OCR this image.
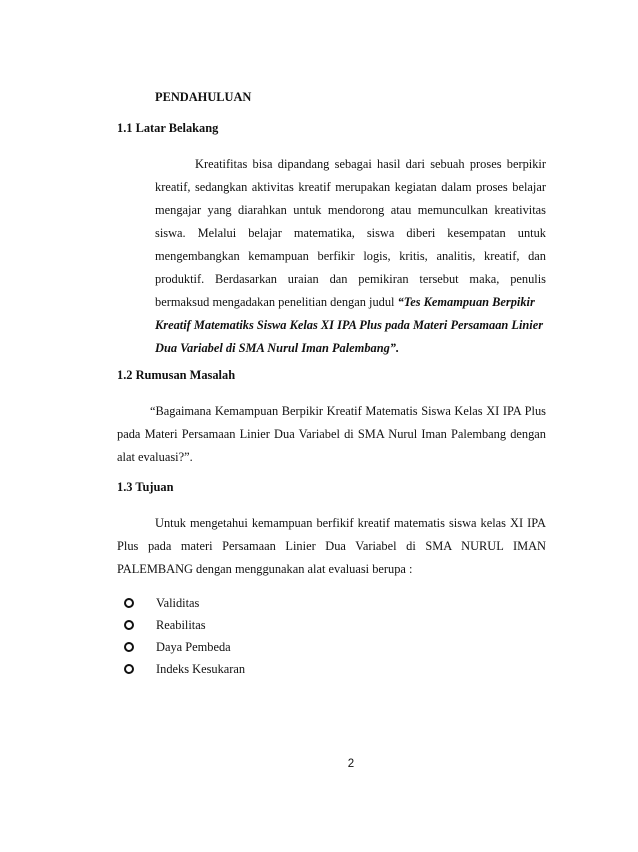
PENDAHULUAN
1.1 Latar Belakang
Kreatifitas bisa dipandang sebagai hasil dari sebuah proses berpikir
kreatif, sedangkan aktivitas kreatif merupakan kegiatan dalam proses belajar
mengajar yang diarahkan untuk mendorong atau memunculkan kreativitas
siswa. Melalui belajar matematika, siswa diberi kesempatan untuk
mengembangkan kemampuan berfikir logis, kritis, analitis, kreatif, dan
produktif. Berdasarkan uraian dan pemikiran tersebut maka, penulis
bermaksud mengadakan penelitian dengan judul “Tes Kemampuan Berpikir
Kreatif Matematiks Siswa Kelas XI IPA Plus pada Materi Persamaan Linier
Dua Variabel di SMA Nurul Iman Palembang”.
1.2 Rumusan Masalah
“Bagaimana Kemampuan Berpikir Kreatif Matematis Siswa Kelas XI IPA Plus
pada Materi Persamaan Linier Dua Variabel di SMA Nurul Iman Palembang dengan
alat evaluasi?”.
1.3 Tujuan
Untuk mengetahui kemampuan berfikif kreatif matematis siswa kelas XI IPA
Plus pada materi Persamaan Linier Dua Variabel di SMA NURUL IMAN
PALEMBANG dengan menggunakan alat evaluasi berupa :
Validitas
Reabilitas
Daya Pembeda
Indeks Kesukaran
2
